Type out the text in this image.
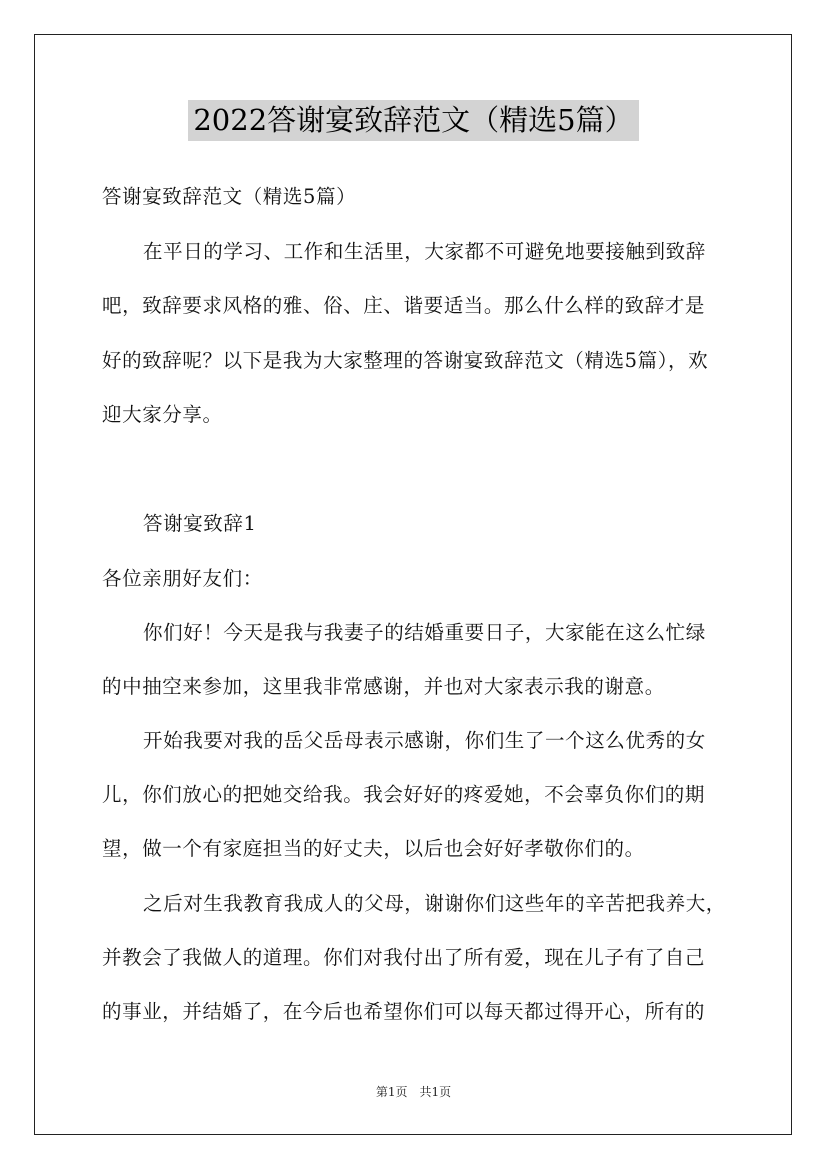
2022答谢宴致辞范文（精选5篇）
答谢宴致辞范文（精选5篇）
在平日的学习、工作和生活里，大家都不可避免地要接触到致辞
吧，致辞要求风格的雅、俗、庄、谐要适当。那么什么样的致辞才是
好的致辞呢？以下是我为大家整理的答谢宴致辞范文（精选5篇），欢
迎大家分享。
答谢宴致辞1
各位亲朋好友们：
你们好！今天是我与我妻子的结婚重要日子，大家能在这么忙绿
的中抽空来参加，这里我非常感谢，并也对大家表示我的谢意。
开始我要对我的岳父岳母表示感谢，你们生了一个这么优秀的女
儿，你们放心的把她交给我。我会好好的疼爱她，不会辜负你们的期
望，做一个有家庭担当的好丈夫，以后也会好好孝敬你们的。
之后对生我教育我成人的父母，谢谢你们这些年的辛苦把我养大，
并教会了我做人的道理。你们对我付出了所有爱，现在儿子有了自己
的事业，并结婚了，在今后也希望你们可以每天都过得开心，所有的
第1页　共1页
